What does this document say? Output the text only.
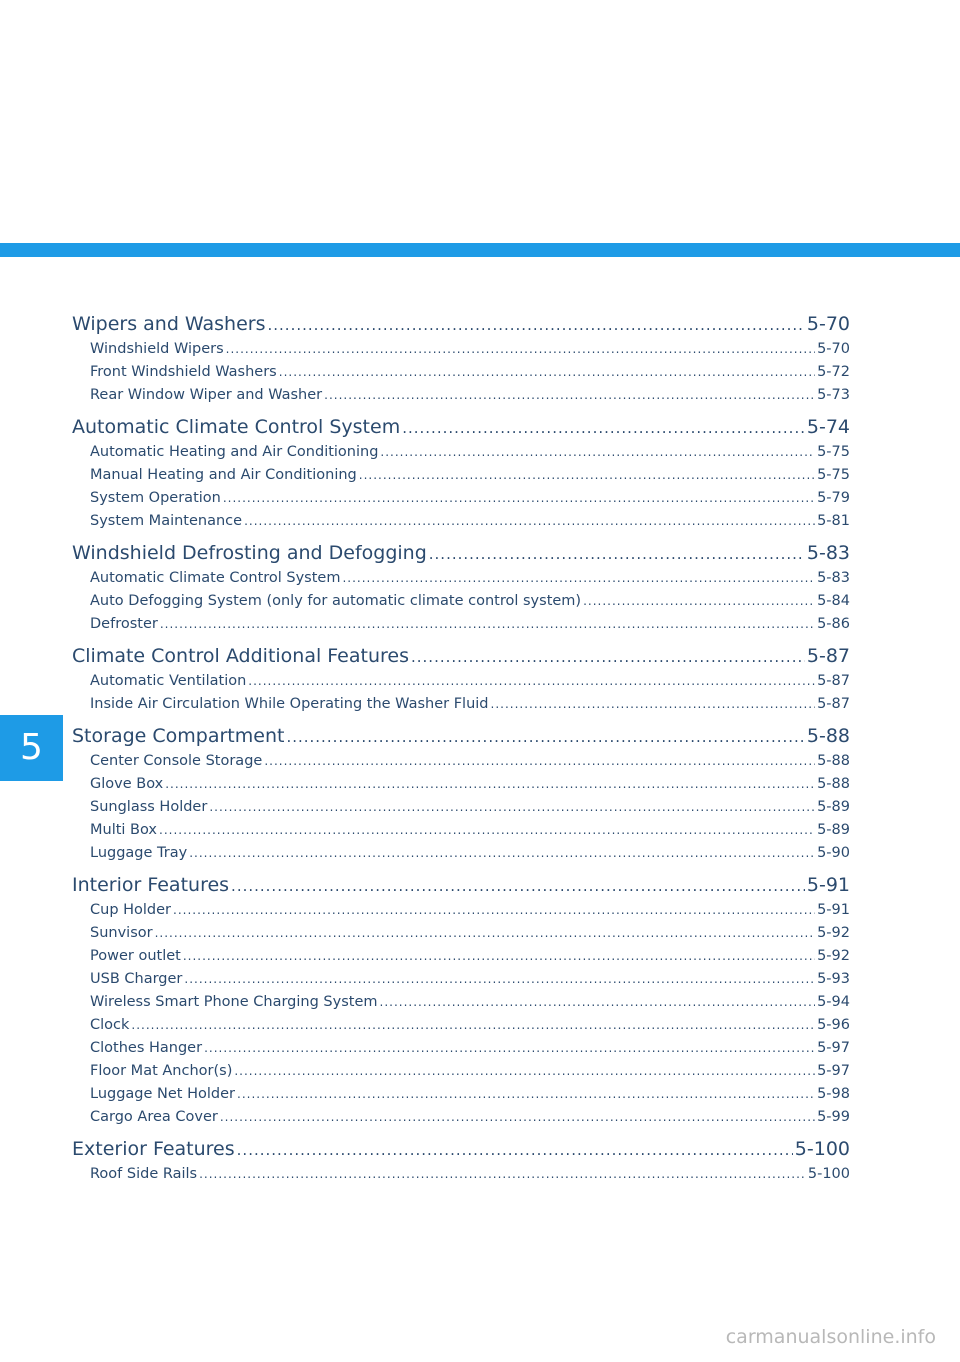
5
Wipers and Washers .....	5-70
Windshield Wipers .....	5-70
Front Windshield Washers .....	5-72
Rear Window Wiper and Washer .....	5-73
Automatic Climate Control System .....	5-74
Automatic Heating and Air Conditioning .....	5-75
Manual Heating and Air Conditioning .....	5-75
System Operation .....	5-79
System Maintenance .....	5-81
Windshield Defrosting and Defogging .....	5-83
Automatic Climate Control System .....	5-83
Auto Defogging System (only for automatic climate control system) .....	5-84
Defroster .....	5-86
Climate Control Additional Features .....	5-87
Automatic Ventilation .....	5-87
Inside Air Circulation While Operating the Washer Fluid .....	5-87
Storage Compartment .....	5-88
Center Console Storage .....	5-88
Glove Box .....	5-88
Sunglass Holder .....	5-89
Multi Box .....	5-89
Luggage Tray .....	5-90
Interior Features .....	5-91
Cup Holder .....	5-91
Sunvisor .....	5-92
Power outlet .....	5-92
USB Charger .....	5-93
Wireless Smart Phone Charging System .....	5-94
Clock .....	5-96
Clothes Hanger .....	5-97
Floor Mat Anchor(s) .....	5-97
Luggage Net Holder .....	5-98
Cargo Area Cover .....	5-99
Exterior Features .....	5-100
Roof Side Rails .....	5-100
carmanualsonline.info
